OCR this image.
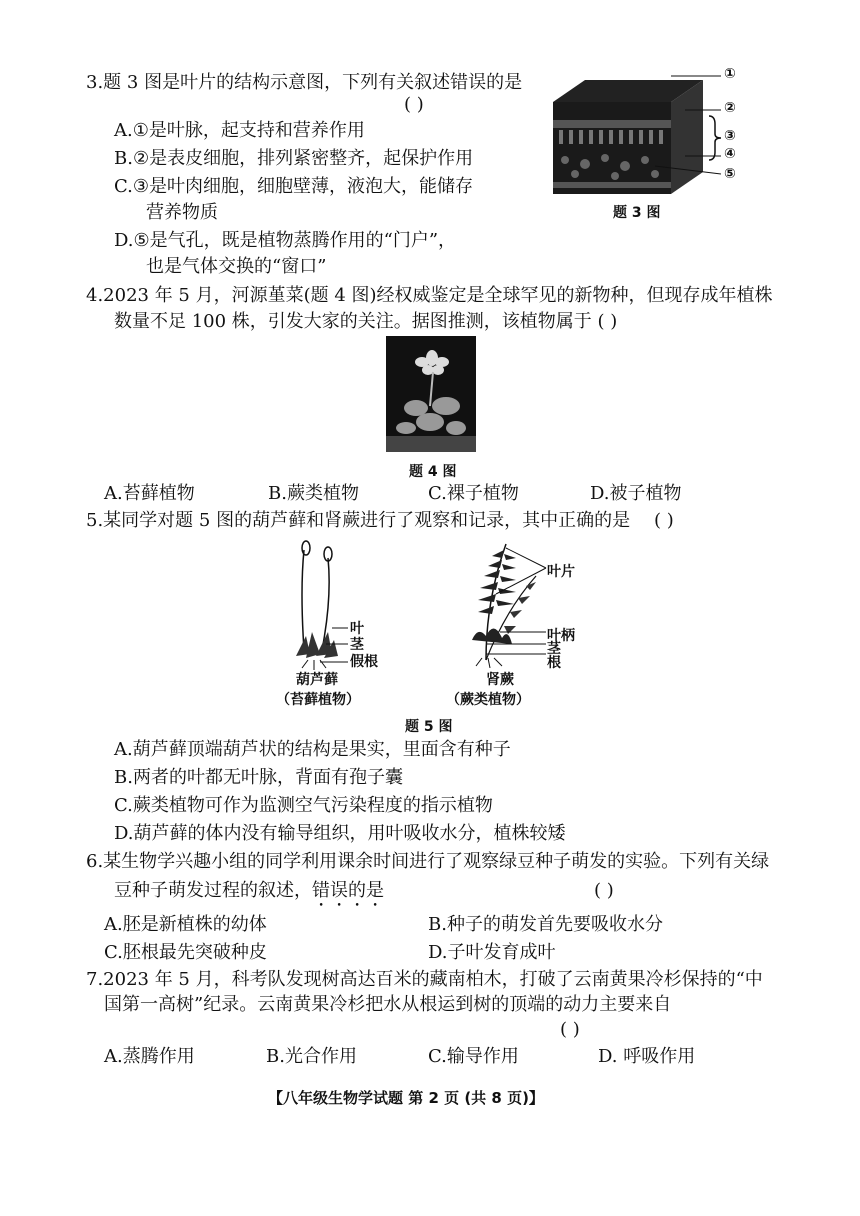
3.题 3 图是叶片的结构示意图，下列有关叙述错误的是
( )
A.①是叶脉，起支持和营养作用
B.②是表皮细胞，排列紧密整齐，起保护作用
C.③是叶肉细胞，细胞壁薄，液泡大，能储存
营养物质
D.⑤是气孔，既是植物蒸腾作用的“门户”，
也是气体交换的“窗口”
①
②
③
④
⑤
题 3 图
4.2023 年 5 月，河源堇菜(题 4 图)经权威鉴定是全球罕见的新物种，但现存成年植株
数量不足 100 株，引发大家的关注。据图推测，该植物属于 ( )
题 4 图
A.苔藓植物	B.蕨类植物	C.裸子植物	D.被子植物
5.某同学对题 5 图的葫芦藓和肾蕨进行了观察和记录，其中正确的是 ( )
叶
茎
假根
葫芦藓
（苔藓植物）
叶片
叶柄
茎
根
肾蕨
（蕨类植物）
题 5 图
A.葫芦藓顶端葫芦状的结构是果实，里面含有种子
B.两者的叶都无叶脉，背面有孢子囊
C.蕨类植物可作为监测空气污染程度的指示植物
D.葫芦藓的体内没有输导组织，用叶吸收水分，植株较矮
6.某生物学兴趣小组的同学利用课余时间进行了观察绿豆种子萌发的实验。下列有关绿
豆种子萌发过程的叙述，错误的是	( )
A.胚是新植株的幼体	B.种子的萌发首先要吸收水分
C.胚根最先突破种皮	D.子叶发育成叶
7.2023 年 5 月，科考队发现树高达百米的藏南柏木，打破了云南黄果冷杉保持的“中
国第一高树”纪录。云南黄果冷杉把水从根运到树的顶端的动力主要来自
( )
A.蒸腾作用	B.光合作用	C.输导作用	D. 呼吸作用
【八年级生物学试题 第 2 页 (共 8 页)】
